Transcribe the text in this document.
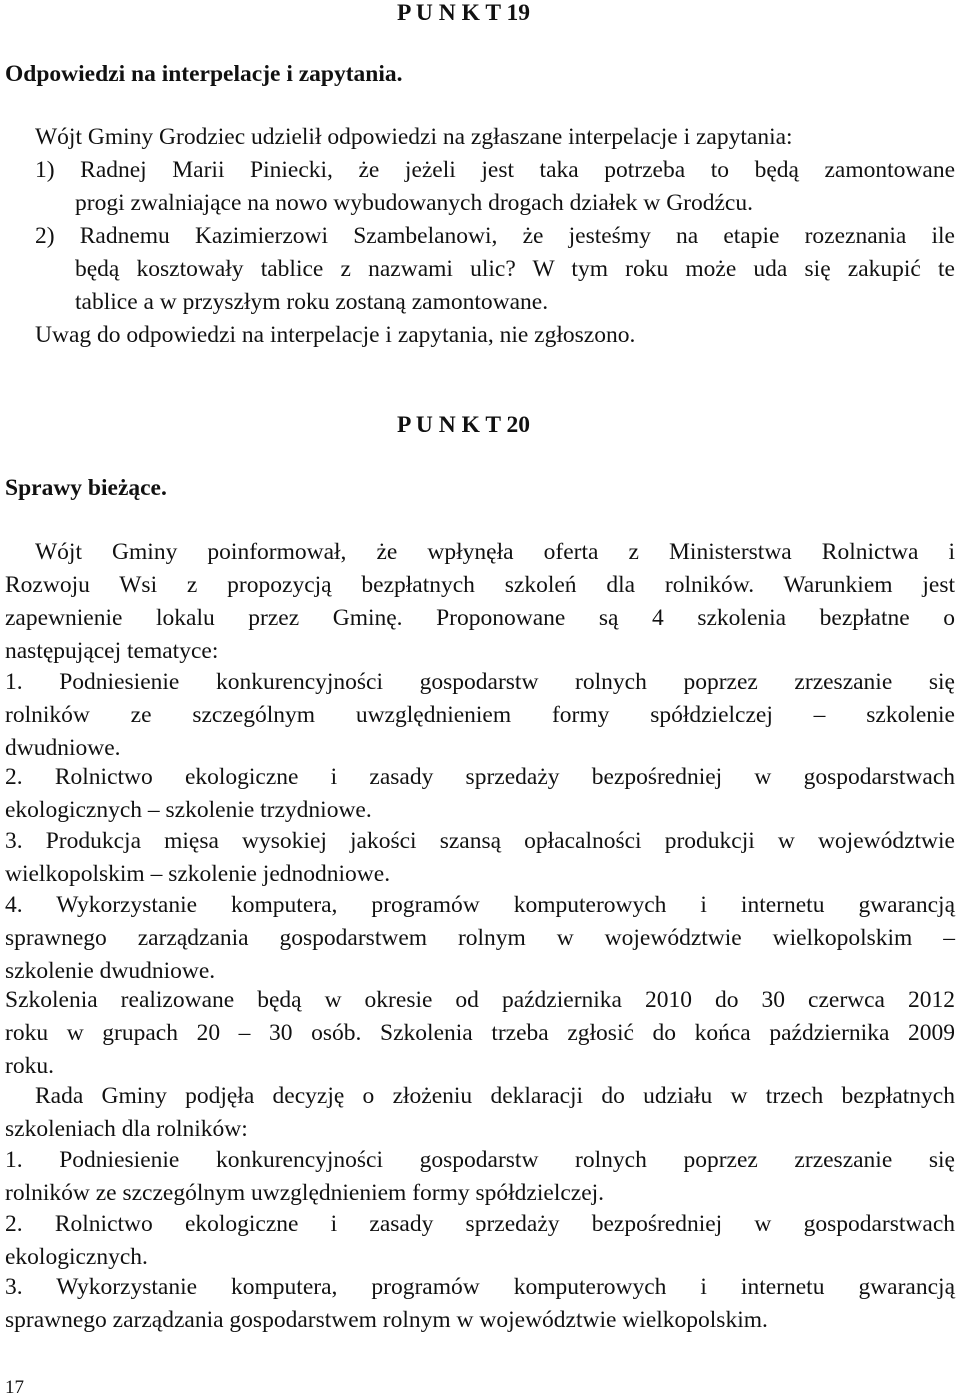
P U N K T 19
Odpowiedzi na interpelacje i zapytania.
Wójt Gminy Grodziec udzielił odpowiedzi na zgłaszane interpelacje i zapytania:
1) Radnej Marii Piniecki, że jeżeli jest taka potrzeba to będą zamontowane
progi zwalniające na nowo wybudowanych drogach działek w Grodźcu.
2) Radnemu Kazimierzowi Szambelanowi, że jesteśmy na etapie rozeznania ile
będą kosztowały tablice z nazwami ulic? W tym roku może uda się zakupić te
tablice a w przyszłym roku zostaną zamontowane.
Uwag do odpowiedzi na interpelacje i zapytania, nie zgłoszono.
P U N K T 20
Sprawy bieżące.
Wójt Gminy poinformował, że wpłynęła oferta z Ministerstwa Rolnictwa i
Rozwoju Wsi z propozycją bezpłatnych szkoleń dla rolników. Warunkiem jest
zapewnienie lokalu przez Gminę. Proponowane są 4 szkolenia bezpłatne o
następującej tematyce:
1. Podniesienie konkurencyjności gospodarstw rolnych poprzez zrzeszanie się
rolników ze szczególnym uwzględnieniem formy spółdzielczej – szkolenie
dwudniowe.
2. Rolnictwo ekologiczne i zasady sprzedaży bezpośredniej w gospodarstwach
ekologicznych – szkolenie trzydniowe.
3. Produkcja mięsa wysokiej jakości szansą opłacalności produkcji w województwie
wielkopolskim – szkolenie jednodniowe.
4. Wykorzystanie komputera, programów komputerowych i internetu gwarancją
sprawnego zarządzania gospodarstwem rolnym w województwie wielkopolskim –
szkolenie dwudniowe.
Szkolenia realizowane będą w okresie od października 2010 do 30 czerwca 2012
roku w grupach 20 – 30 osób. Szkolenia trzeba zgłosić do końca października 2009
roku.
Rada Gminy podjęła decyzję o złożeniu deklaracji do udziału w trzech bezpłatnych
szkoleniach dla rolników:
1. Podniesienie konkurencyjności gospodarstw rolnych poprzez zrzeszanie się
rolników ze szczególnym uwzględnieniem formy spółdzielczej.
2. Rolnictwo ekologiczne i zasady sprzedaży bezpośredniej w gospodarstwach
ekologicznych.
3. Wykorzystanie komputera, programów komputerowych i internetu gwarancją
sprawnego zarządzania gospodarstwem rolnym w województwie wielkopolskim.
17
